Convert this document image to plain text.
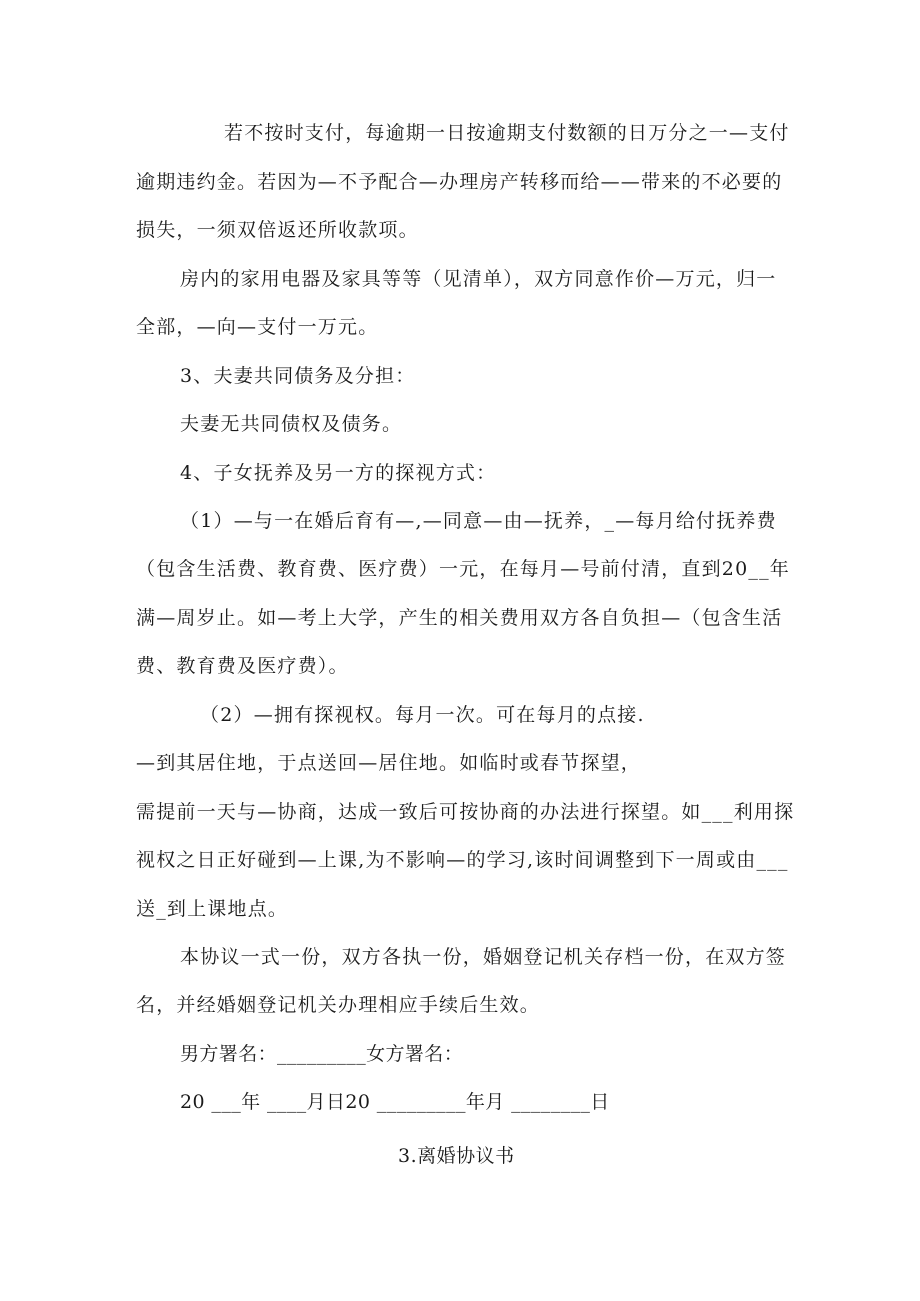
若不按时支付，每逾期一日按逾期支付数额的日万分之一—支付
逾期违约金。若因为—不予配合—办理房产转移而给——带来的不必要的
损失，一须双倍返还所收款项。
房内的家用电器及家具等等（见清单），双方同意作价—万元，归一
全部，—向—支付一万元。
3、夫妻共同债务及分担：
夫妻无共同债权及债务。
4、子女抚养及另一方的探视方式：
（1）—与一在婚后育有—,—同意—由—抚养，_—每月给付抚养费
（包含生活费、教育费、医疗费）一元，在每月—号前付清，直到20__年
满—周岁止。如—考上大学，产生的相关费用双方各自负担—（包含生活
费、教育费及医疗费）。
（2）—拥有探视权。每月一次。可在每月的点接.
—到其居住地，于点送回—居住地。如临时或春节探望，
需提前一天与—协商，达成一致后可按协商的办法进行探望。如___利用探
视权之日正好碰到—上课,为不影响—的学习,该时间调整到下一周或由___
送_到上课地点。
本协议一式一份，双方各执一份，婚姻登记机关存档一份，在双方签
名，并经婚姻登记机关办理相应手续后生效。
男方署名：_________女方署名：
20 ___年 ____月日20 _________年月 ________日
3.离婚协议书
